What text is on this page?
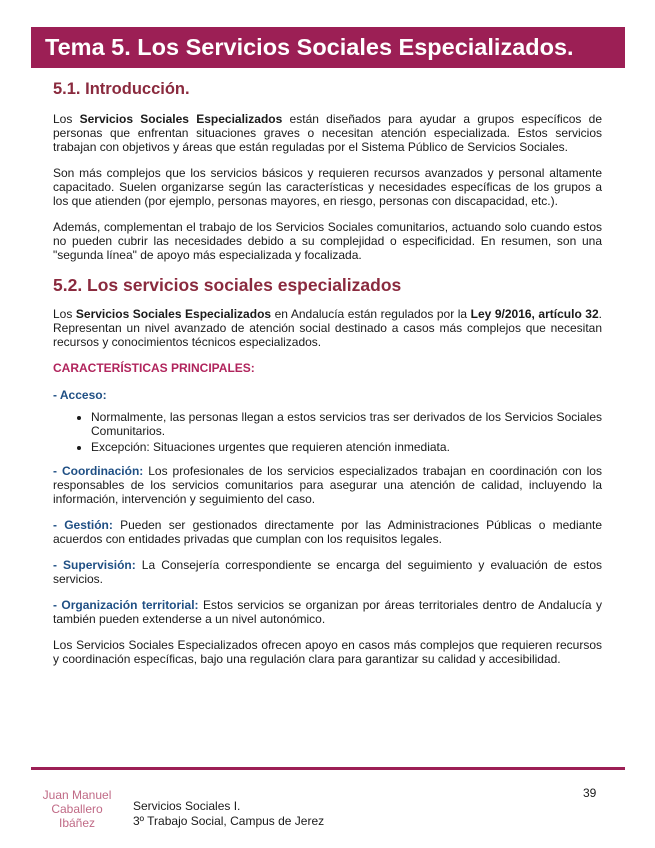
Tema 5. Los Servicios Sociales Especializados.
5.1. Introducción.

Los Servicios Sociales Especializados están diseñados para ayudar a grupos específicos de personas que enfrentan situaciones graves o necesitan atención especializada. Estos servicios trabajan con objetivos y áreas que están reguladas por el Sistema Público de Servicios Sociales.

Son más complejos que los servicios básicos y requieren recursos avanzados y personal altamente capacitado. Suelen organizarse según las características y necesidades específicas de los grupos a los que atienden (por ejemplo, personas mayores, en riesgo, personas con discapacidad, etc.).

Además, complementan el trabajo de los Servicios Sociales comunitarios, actuando solo cuando estos no pueden cubrir las necesidades debido a su complejidad o especificidad. En resumen, son una "segunda línea" de apoyo más especializada y focalizada.

5.2. Los servicios sociales especializados

Los Servicios Sociales Especializados en Andalucía están regulados por la Ley 9/2016, artículo 32. Representan un nivel avanzado de atención social destinado a casos más complejos que necesitan recursos y conocimientos técnicos especializados.

CARACTERÍSTICAS PRINCIPALES:

- Acceso:

• Normalmente, las personas llegan a estos servicios tras ser derivados de los Servicios Sociales Comunitarios.
• Excepción: Situaciones urgentes que requieren atención inmediata.

- Coordinación: Los profesionales de los servicios especializados trabajan en coordinación con los responsables de los servicios comunitarios para asegurar una atención de calidad, incluyendo la información, intervención y seguimiento del caso.

- Gestión: Pueden ser gestionados directamente por las Administraciones Públicas o mediante acuerdos con entidades privadas que cumplan con los requisitos legales.

- Supervisión: La Consejería correspondiente se encarga del seguimiento y evaluación de estos servicios.

- Organización territorial: Estos servicios se organizan por áreas territoriales dentro de Andalucía y también pueden extenderse a un nivel autonómico.

Los Servicios Sociales Especializados ofrecen apoyo en casos más complejos que requieren recursos y coordinación específicas, bajo una regulación clara para garantizar su calidad y accesibilidad.

39
Juan Manuel
Caballero
Ibáñez
Servicios Sociales I.
3º Trabajo Social, Campus de Jerez
